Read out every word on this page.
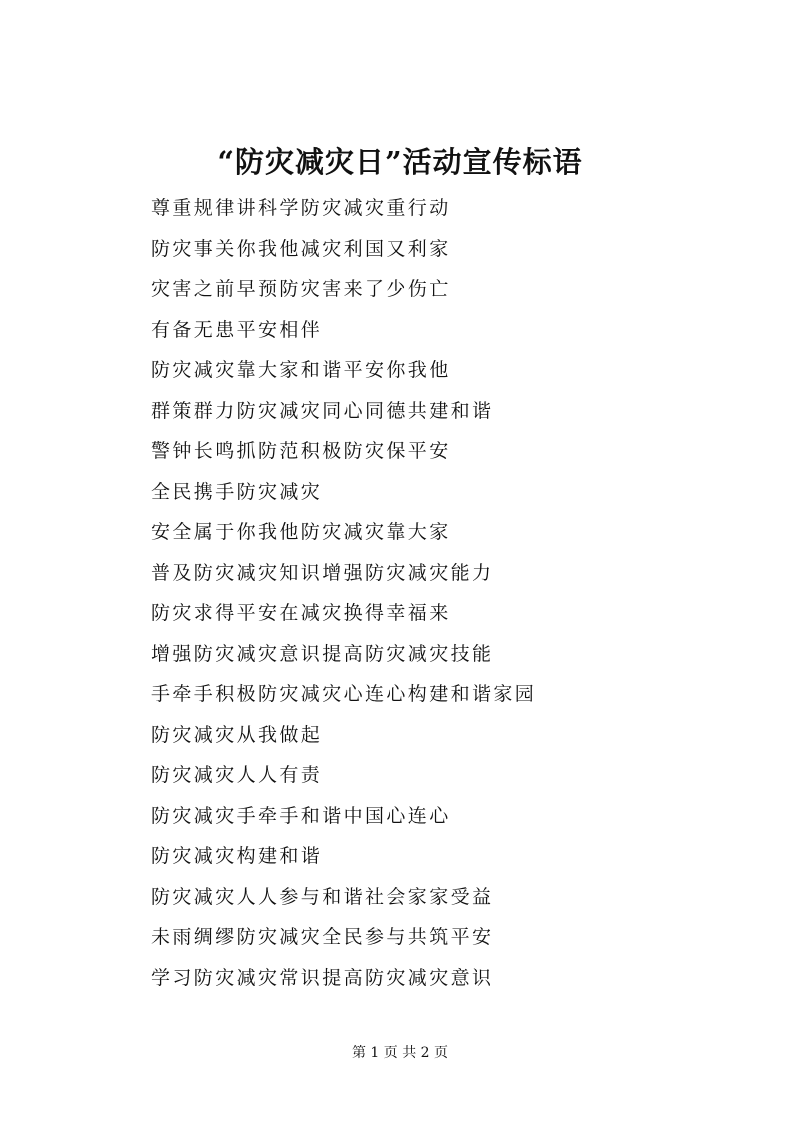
“防灾减灾日”活动宣传标语
尊重规律讲科学防灾减灾重行动
防灾事关你我他减灾利国又利家
灾害之前早预防灾害来了少伤亡
有备无患平安相伴
防灾减灾靠大家和谐平安你我他
群策群力防灾减灾同心同德共建和谐
警钟长鸣抓防范积极防灾保平安
全民携手防灾减灾
安全属于你我他防灾减灾靠大家
普及防灾减灾知识增强防灾减灾能力
防灾求得平安在减灾换得幸福来
增强防灾减灾意识提高防灾减灾技能
手牵手积极防灾减灾心连心构建和谐家园
防灾减灾从我做起
防灾减灾人人有责
防灾减灾手牵手和谐中国心连心
防灾减灾构建和谐
防灾减灾人人参与和谐社会家家受益
未雨绸缪防灾减灾全民参与共筑平安
学习防灾减灾常识提高防灾减灾意识
第 1 页 共 2 页
